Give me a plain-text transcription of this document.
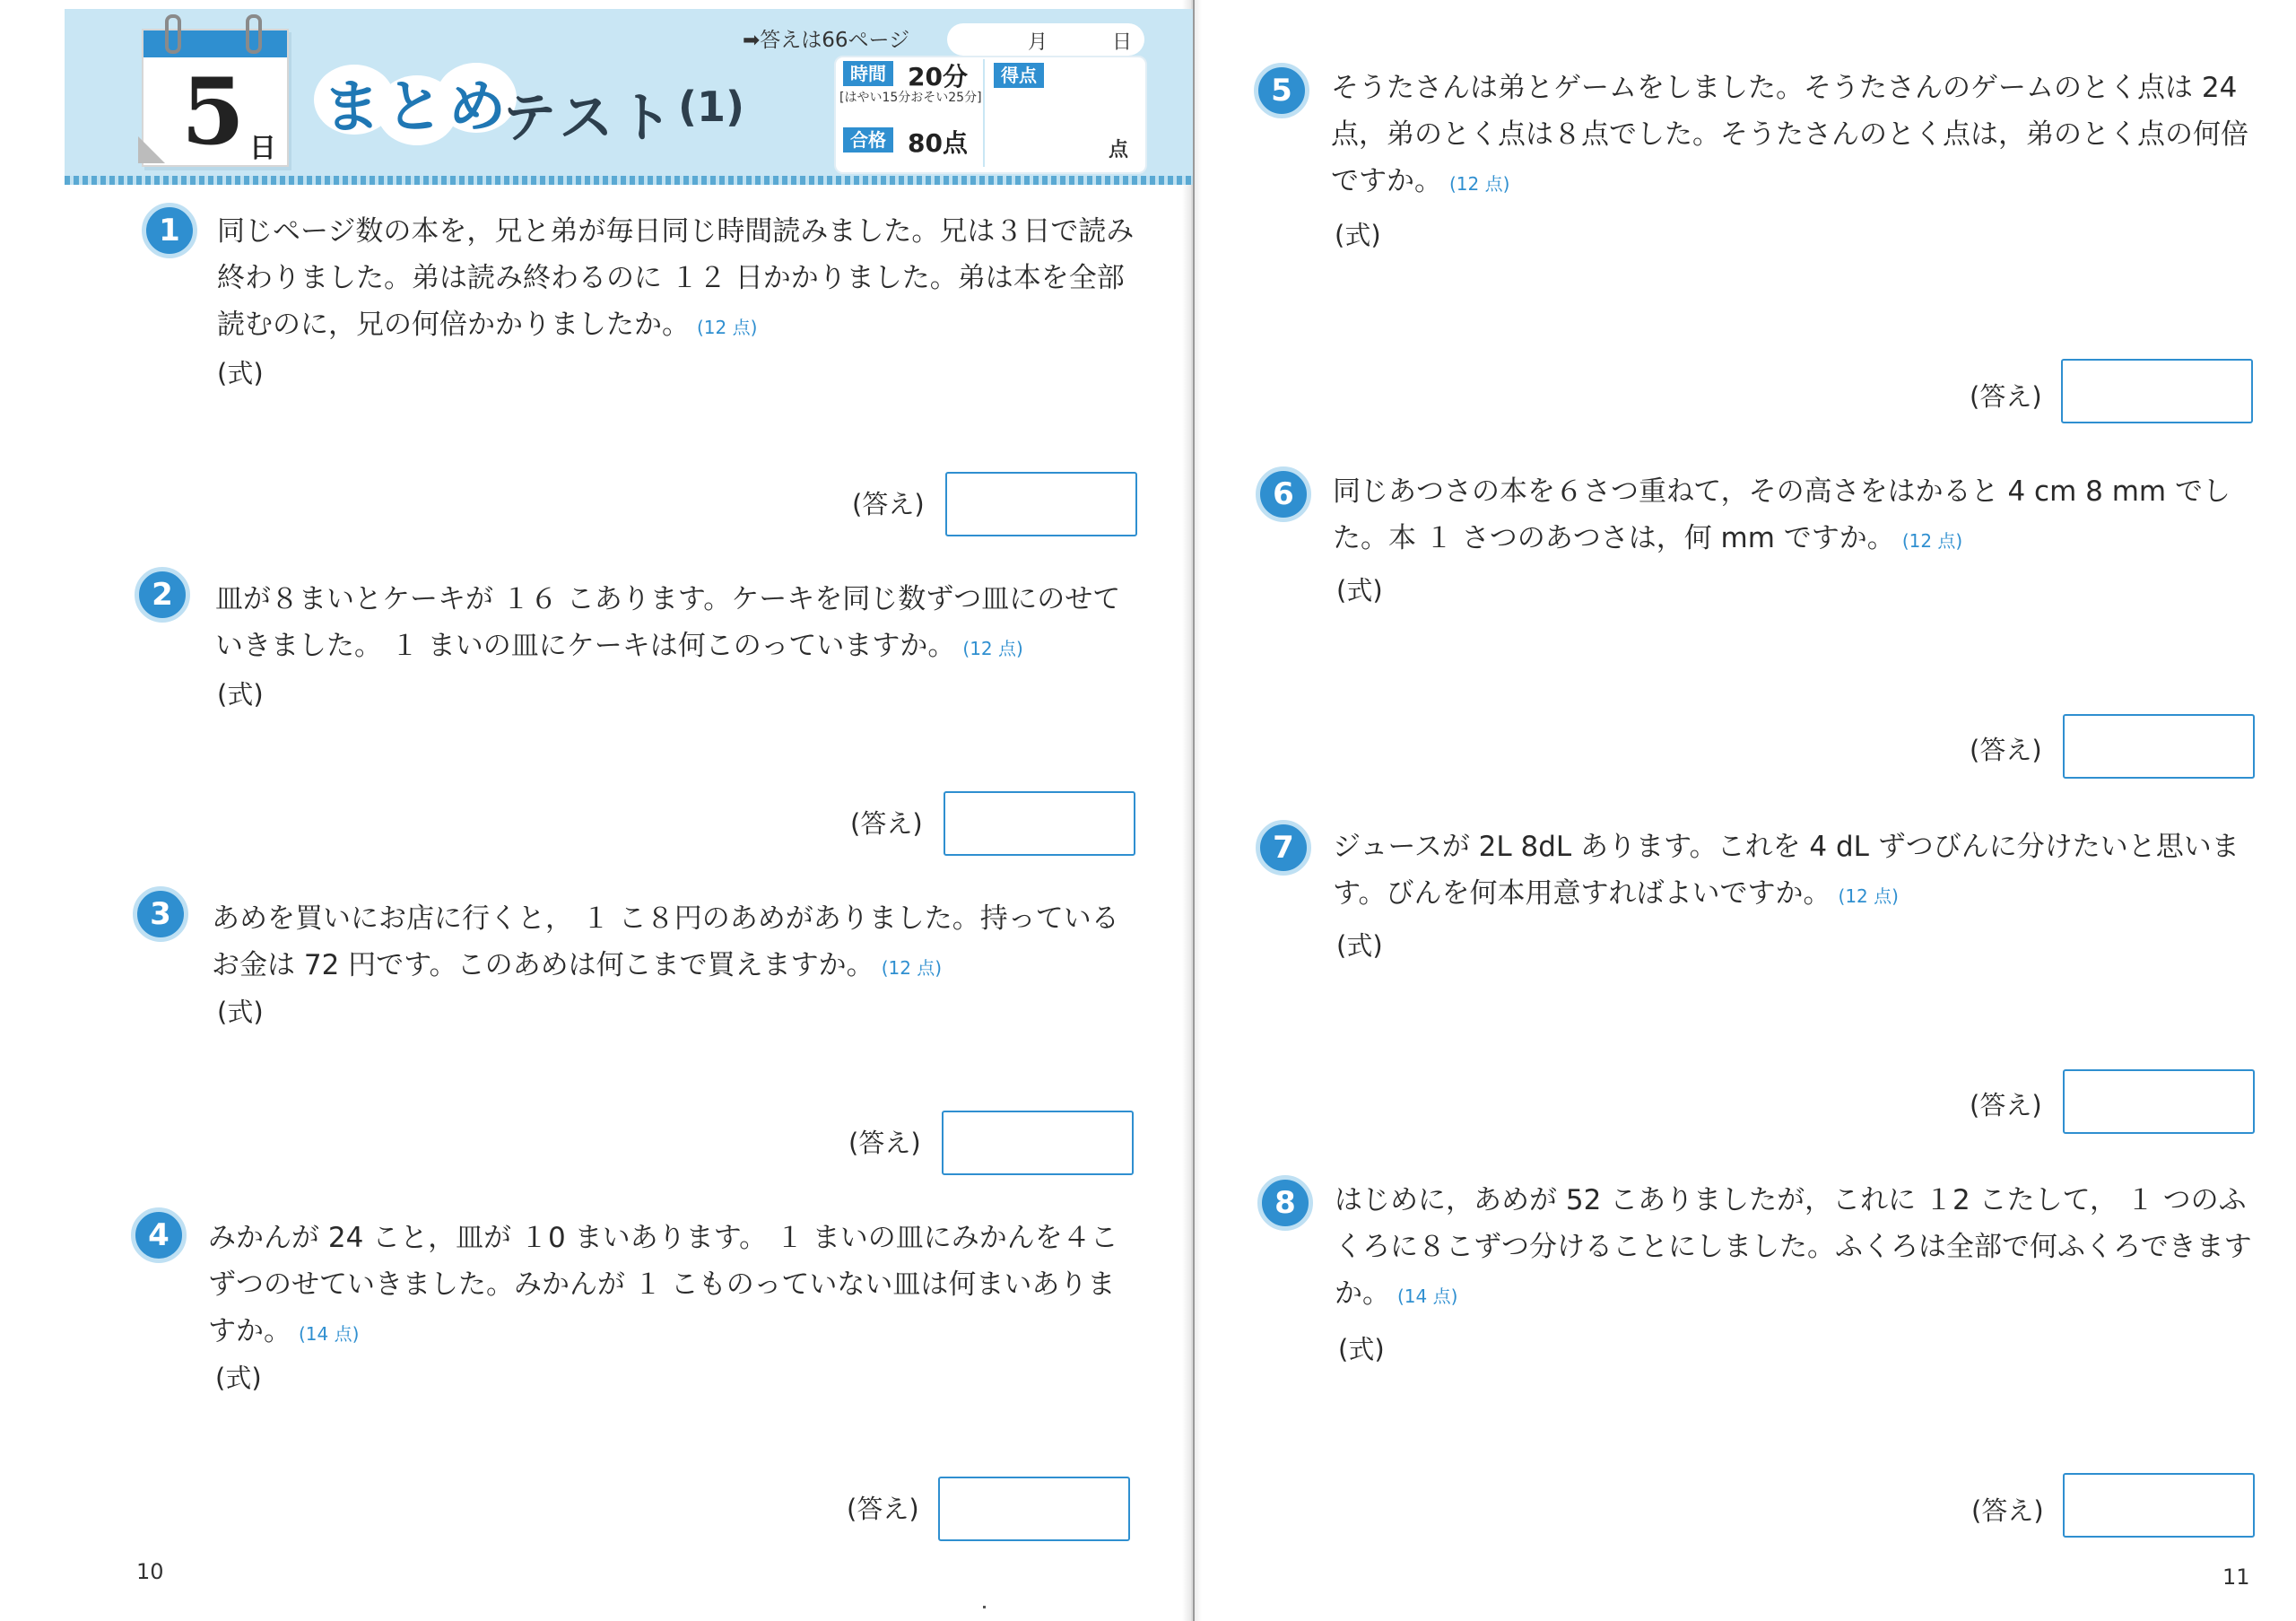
5 日
まとめ
テスト (1)
➡答えは66ページ	月	日
時間 20分
[はやい15分おそい25分]
合格 80点
得点
点
1	同じページ数の本を，兄と弟が毎日同じ時間読みました。兄は３日で読み終わりました。弟は読み終わるのに １２ 日かかりました。弟は本を全部読むのに，兄の何倍かかりましたか。 (12 点)
(式)
(答え)
2	皿が８まいとケーキが １６ こあります。ケーキを同じ数ずつ皿にのせていきました。 １ まいの皿にケーキは何このっていますか。 (12 点)
(式)
(答え)
3	あめを買いにお店に行くと， １ こ８円のあめがありました。持っているお金は 72 円です。このあめは何こまで買えますか。 (12 点)
(式)
(答え)
4	みかんが 24 こと，皿が １0 まいあります。 １ まいの皿にみかんを４こずつのせていきました。みかんが １ こものっていない皿は何まいありますか。 (14 点)
(式)
(答え)
10
5	そうたさんは弟とゲームをしました。そうたさんのゲームのとく点は 24 点，弟のとく点は８点でした。そうたさんのとく点は，弟のとく点の何倍ですか。 (12 点)
(式)
(答え)
6	同じあつさの本を６さつ重ねて，その高さをはかると 4 cm 8 mm でした。本 １ さつのあつさは，何 mm ですか。 (12 点)
(式)
(答え)
7	ジュースが 2L 8dL あります。これを 4 dL ずつびんに分けたいと思います。びんを何本用意すればよいですか。 (12 点)
(式)
(答え)
8	はじめに，あめが 52 こありましたが，これに １2 こたして， １ つのふくろに８こずつ分けることにしました。ふくろは全部で何ふくろできますか。 (14 点)
(式)
(答え)
11
